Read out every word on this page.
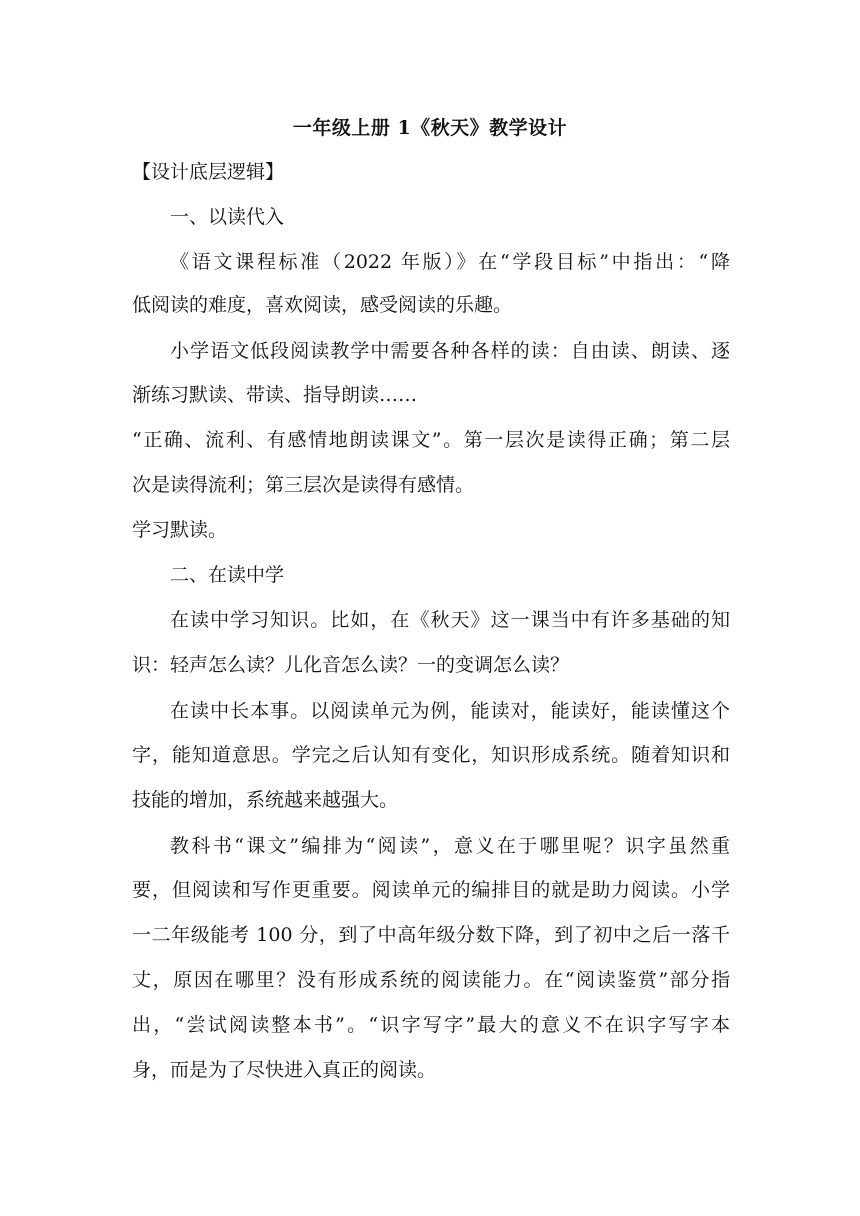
一年级上册 1《秋天》教学设计
【设计底层逻辑】
一、以读代入
《语文课程标准（2022 年版）》在“学段目标”中指出：“降
低阅读的难度，喜欢阅读，感受阅读的乐趣。
小学语文低段阅读教学中需要各种各样的读：自由读、朗读、逐
渐练习默读、带读、指导朗读……
“正确、流利、有感情地朗读课文”。第一层次是读得正确；第二层
次是读得流利；第三层次是读得有感情。
学习默读。
二、在读中学
在读中学习知识。比如，在《秋天》这一课当中有许多基础的知
识：轻声怎么读？儿化音怎么读？一的变调怎么读？
在读中长本事。以阅读单元为例，能读对，能读好，能读懂这个
字，能知道意思。学完之后认知有变化，知识形成系统。随着知识和
技能的增加，系统越来越强大。
教科书“课文”编排为“阅读”，意义在于哪里呢？识字虽然重
要，但阅读和写作更重要。阅读单元的编排目的就是助力阅读。小学
一二年级能考 100 分，到了中高年级分数下降，到了初中之后一落千
丈，原因在哪里？没有形成系统的阅读能力。在“阅读鉴赏”部分指
出，“尝试阅读整本书”。“识字写字”最大的意义不在识字写字本
身，而是为了尽快进入真正的阅读。
